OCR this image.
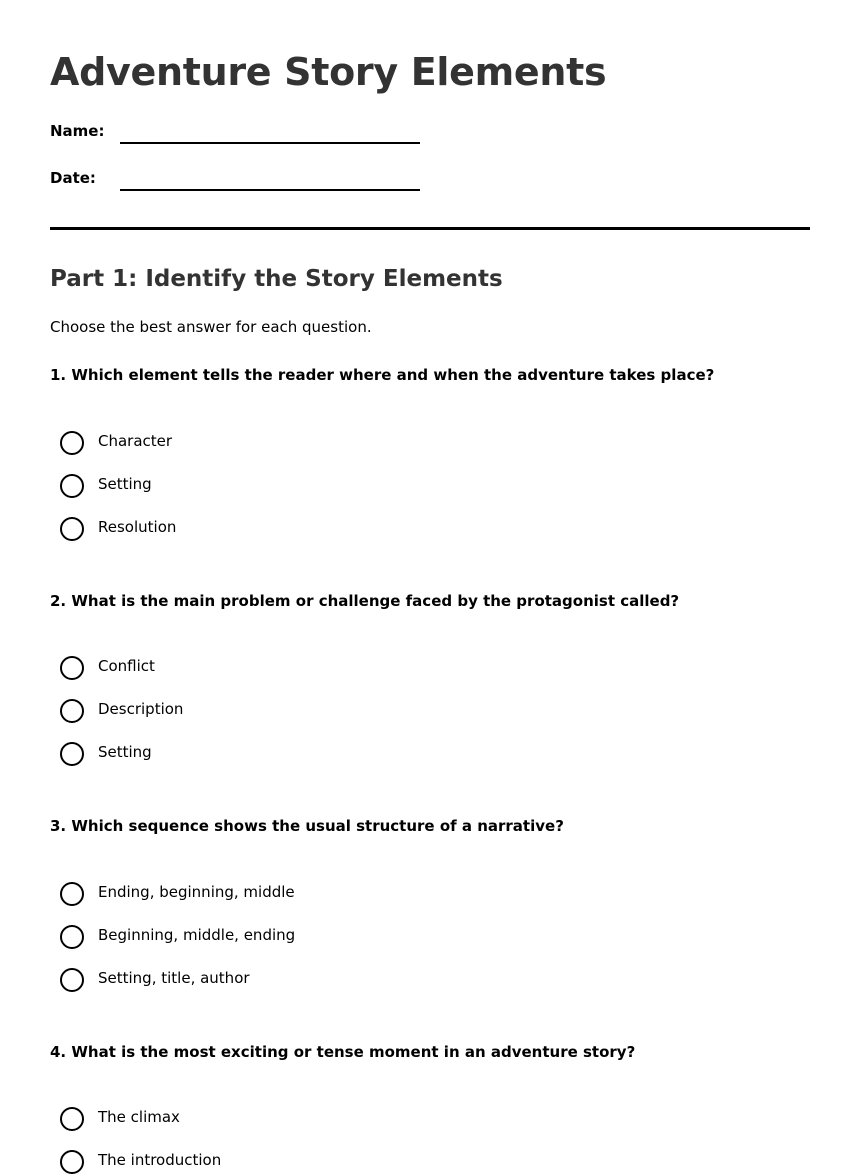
Adventure Story Elements
Name:
Date:
Part 1: Identify the Story Elements
Choose the best answer for each question.
1. Which element tells the reader where and when the adventure takes place?
Character
Setting
Resolution
2. What is the main problem or challenge faced by the protagonist called?
Conflict
Description
Setting
3. Which sequence shows the usual structure of a narrative?
Ending, beginning, middle
Beginning, middle, ending
Setting, title, author
4. What is the most exciting or tense moment in an adventure story?
The climax
The introduction
